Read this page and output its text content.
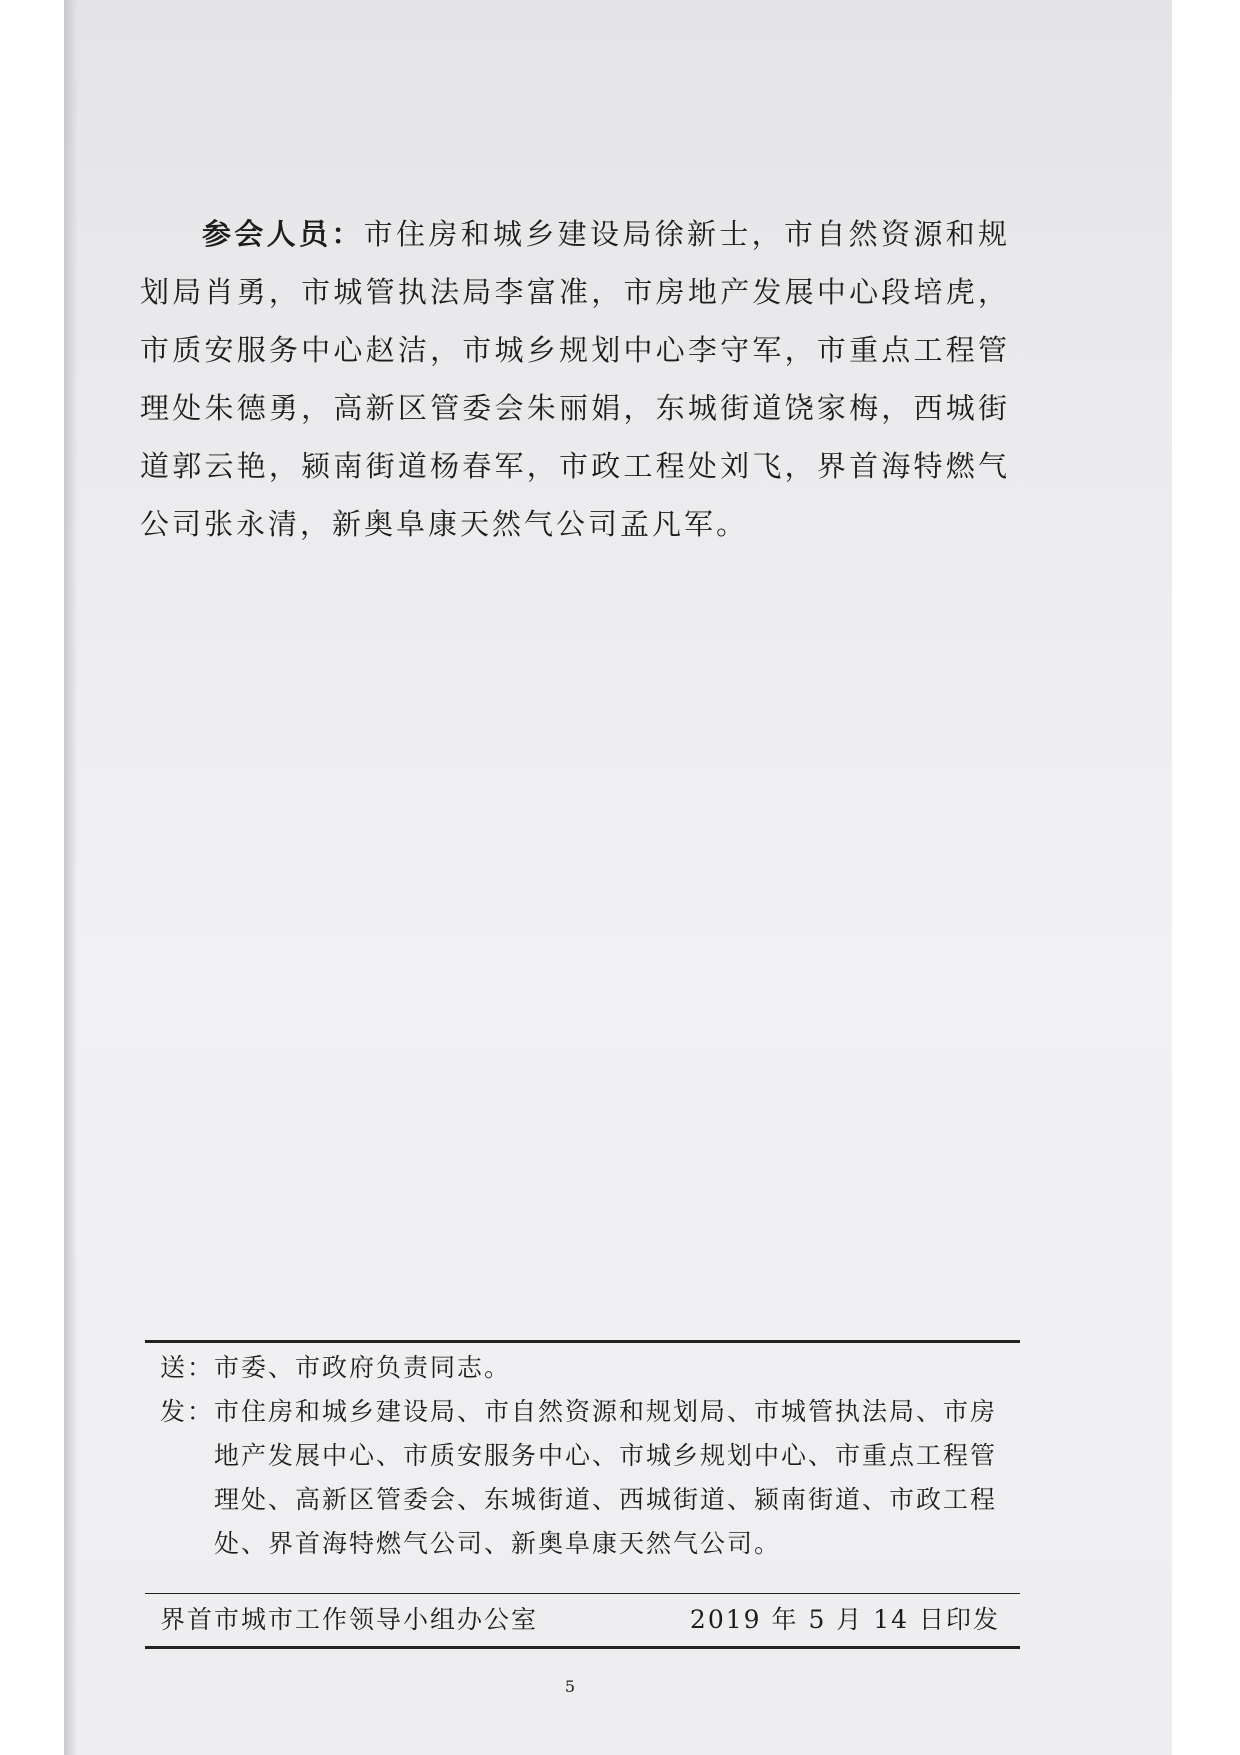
参会人员：市住房和城乡建设局徐新士，市自然资源和规划局肖勇，市城管执法局李富准，市房地产发展中心段培虎，市质安服务中心赵洁，市城乡规划中心李守军，市重点工程管理处朱德勇，高新区管委会朱丽娟，东城街道饶家梅，西城街道郭云艳，颍南街道杨春军，市政工程处刘飞，界首海特燃气公司张永清，新奥阜康天然气公司孟凡军。

送：市委、市政府负责同志。
发： 市住房和城乡建设局、市自然资源和规划局、市城管执法局、市房地产发展中心、市质安服务中心、市城乡规划中心、市重点工程管理处、高新区管委会、东城街道、西城街道、颍南街道、市政工程处、界首海特燃气公司、新奥阜康天然气公司。
界首市城市工作领导小组办公室	2019 年 5 月 14 日印发
5
